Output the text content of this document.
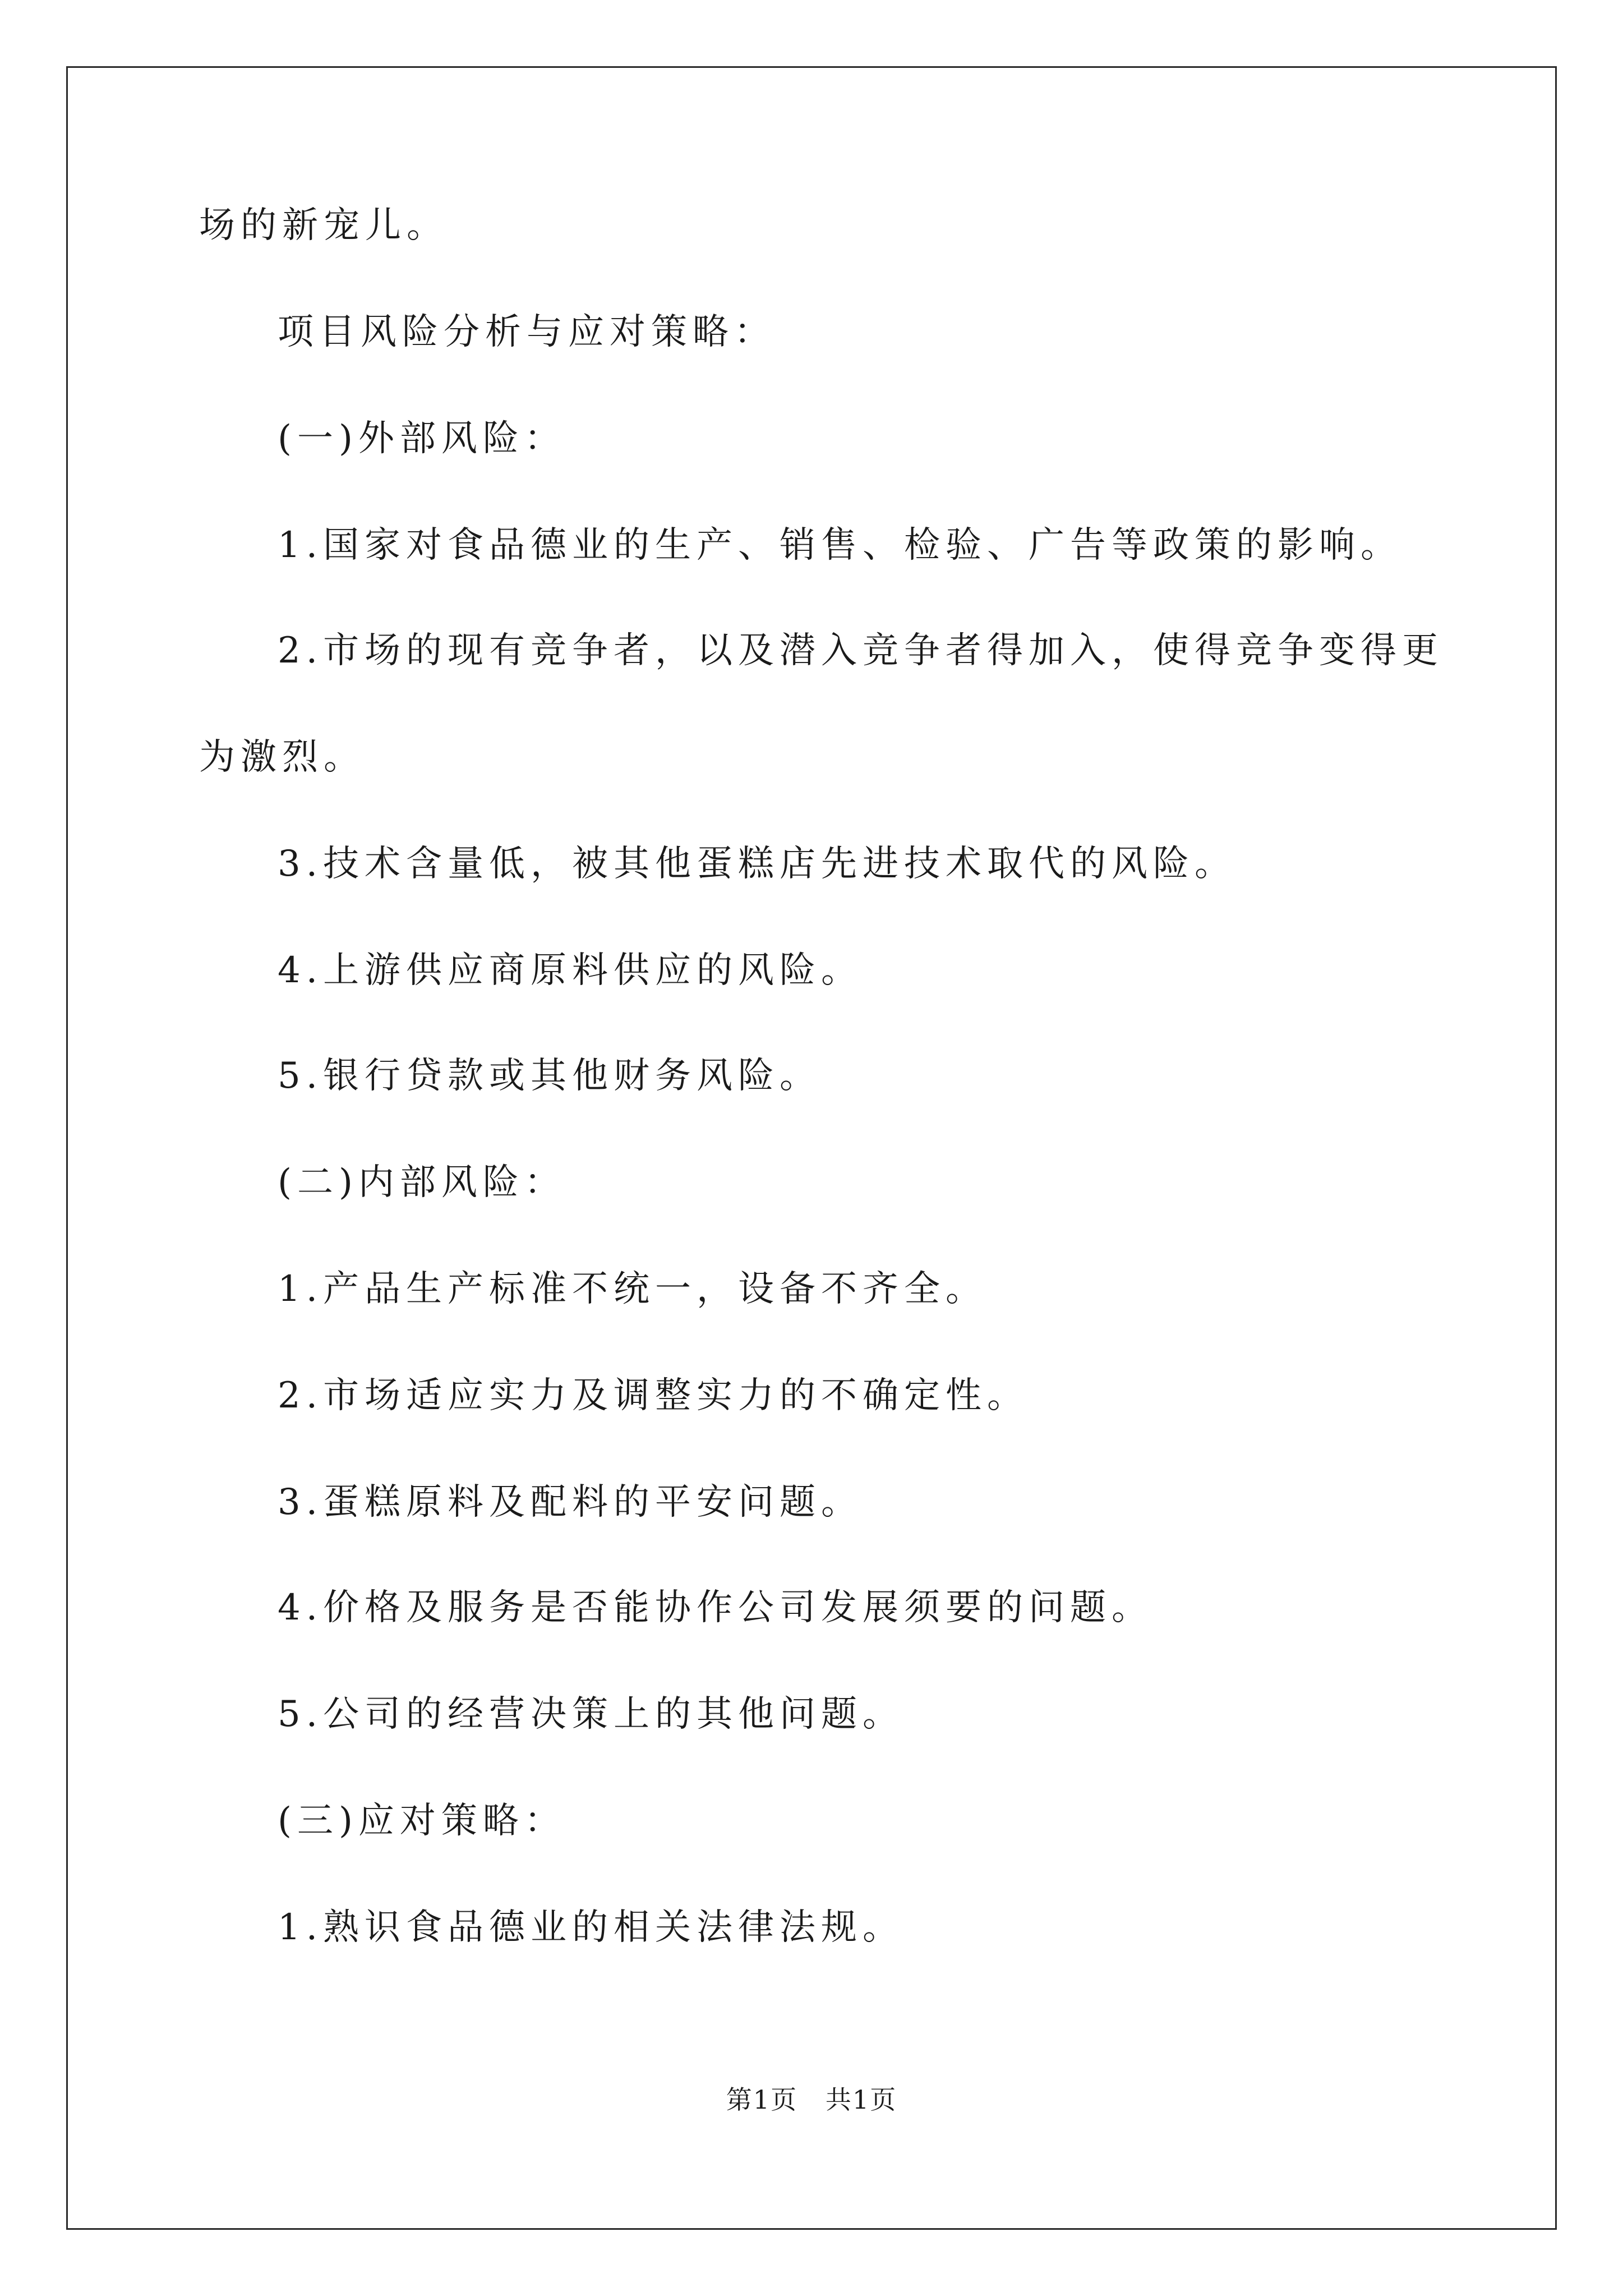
场的新宠儿。
项目风险分析与应对策略：
(一)外部风险：
1.国家对食品德业的生产、销售、检验、广告等政策的影响。
2.市场的现有竞争者，以及潜入竞争者得加入，使得竞争变得更
为激烈。
3.技术含量低，被其他蛋糕店先进技术取代的风险。
4.上游供应商原料供应的风险。
5.银行贷款或其他财务风险。
(二)内部风险：
1.产品生产标准不统一，设备不齐全。
2.市场适应实力及调整实力的不确定性。
3.蛋糕原料及配料的平安问题。
4.价格及服务是否能协作公司发展须要的问题。
5.公司的经营决策上的其他问题。
(三)应对策略：
1.熟识食品德业的相关法律法规。
第1页   共1页
